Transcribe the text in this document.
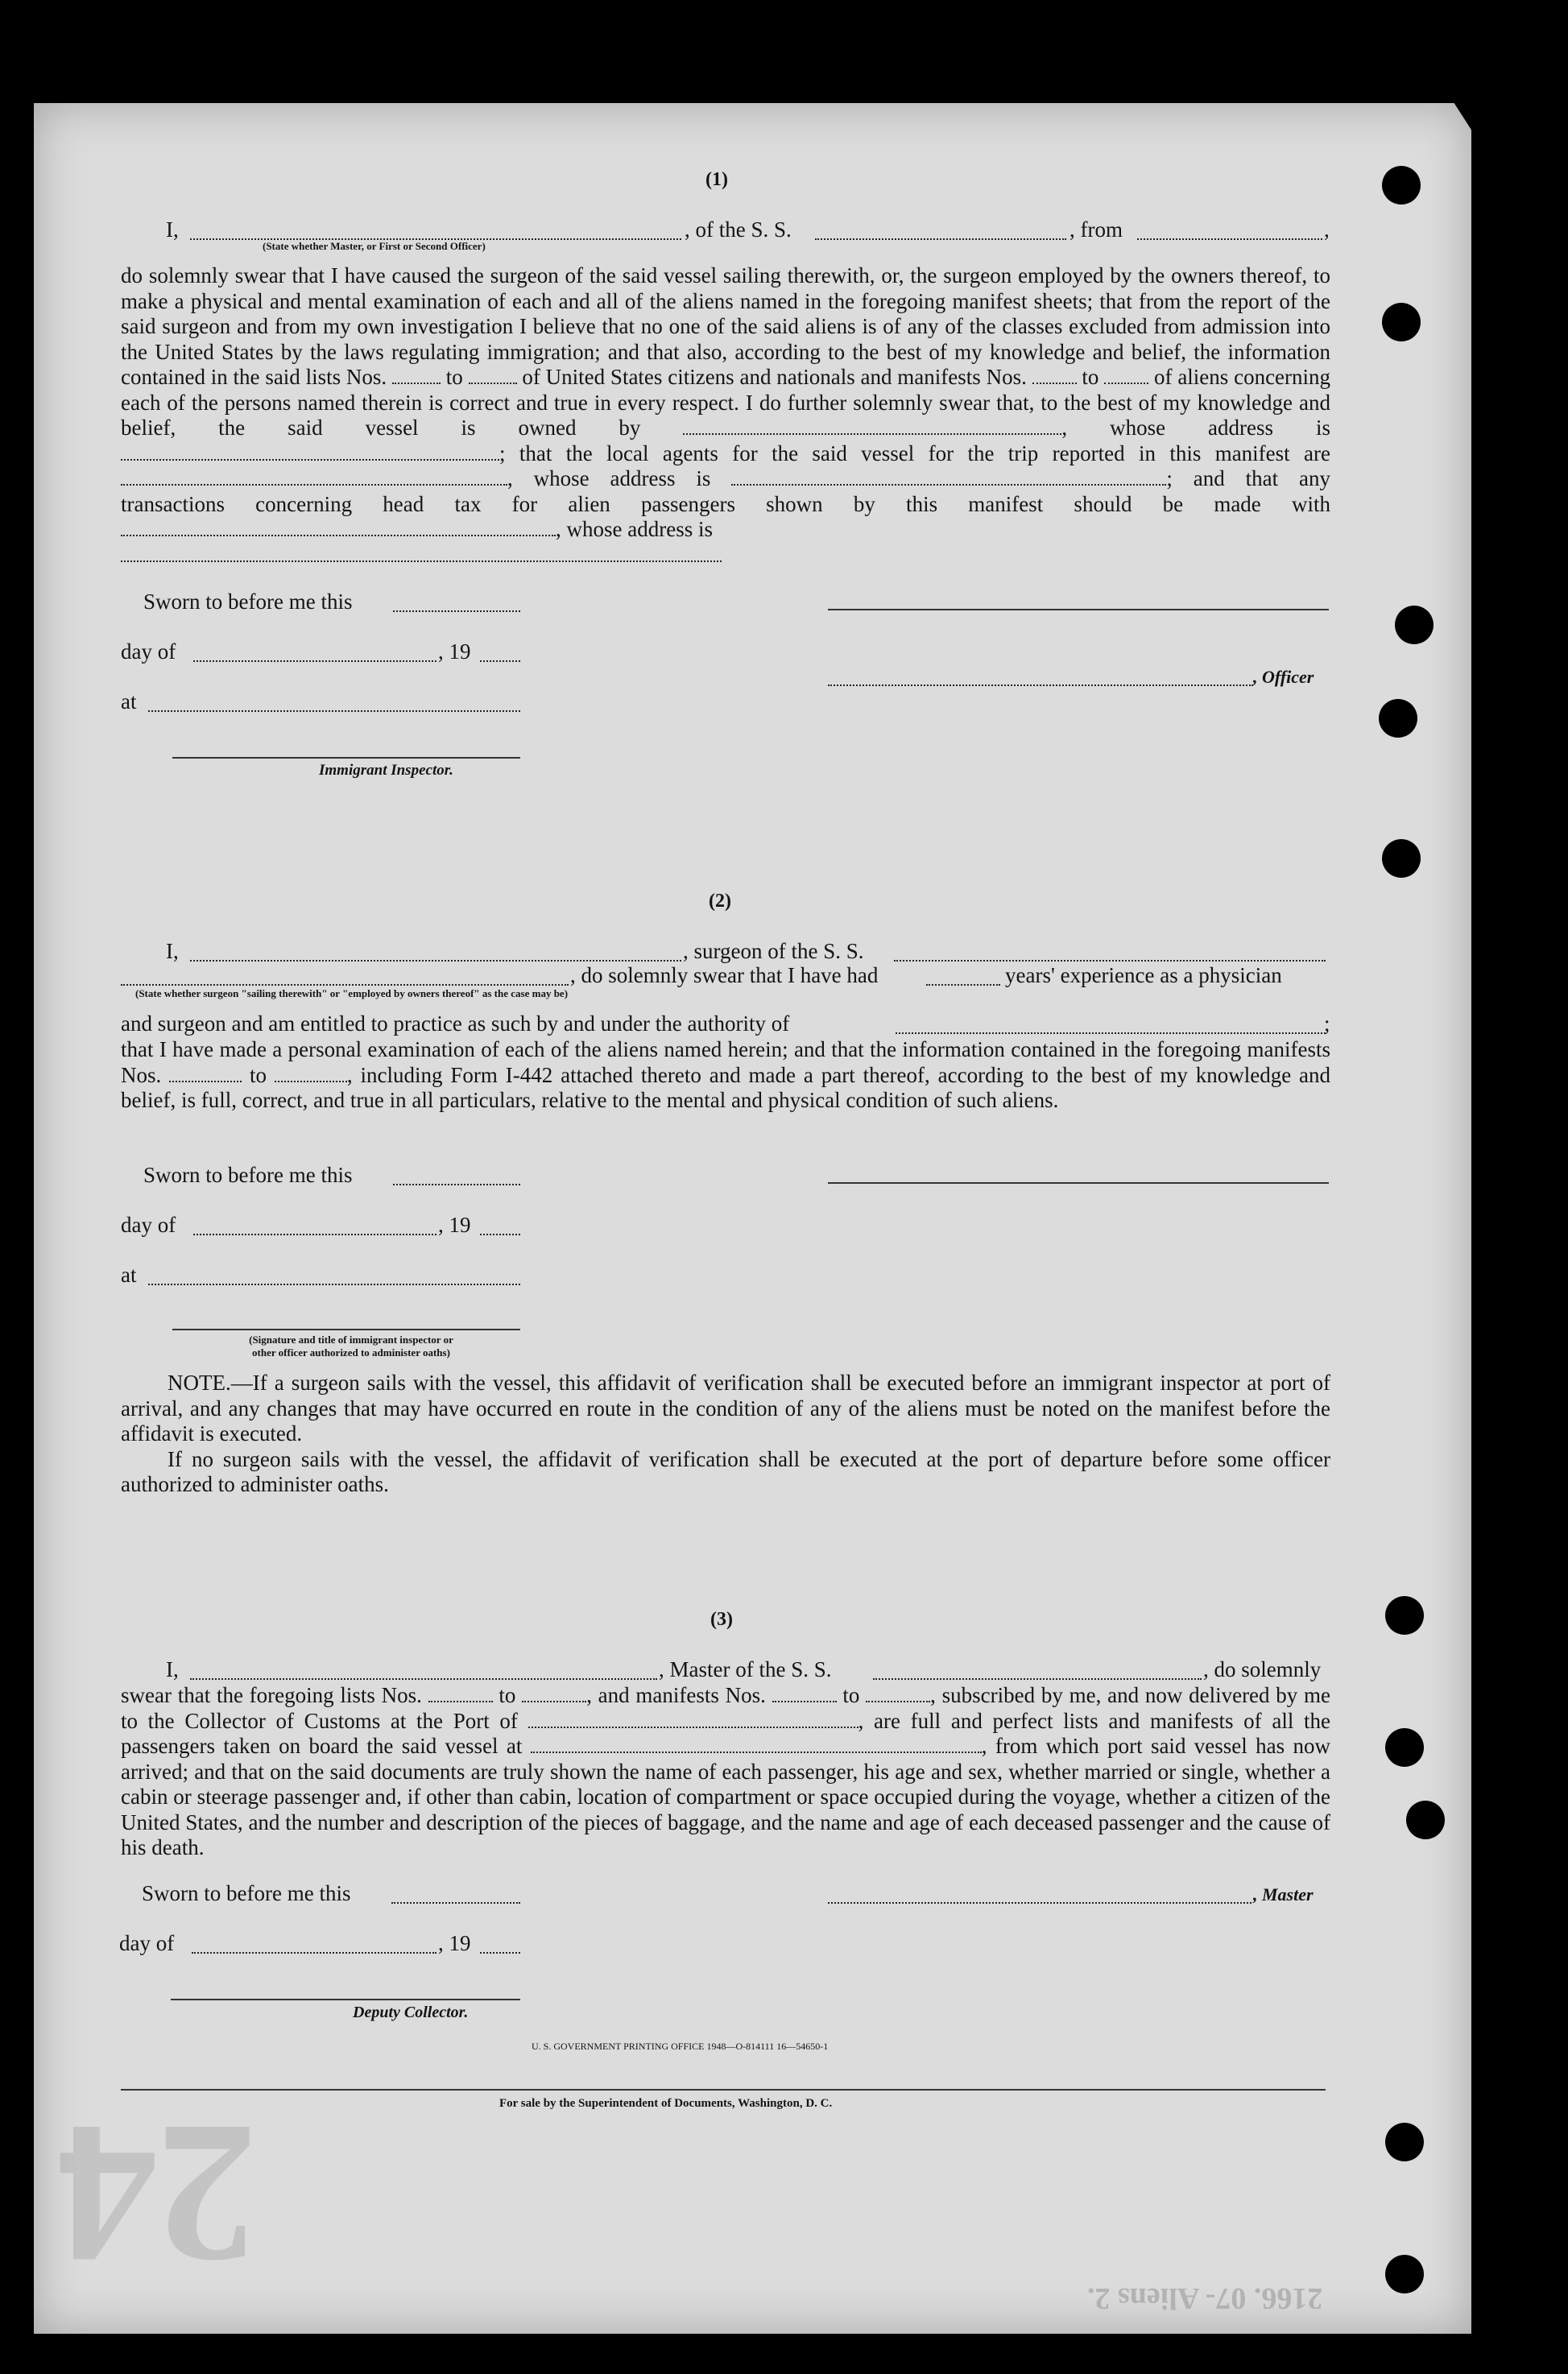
24	2166. 07- Aliens 2.
(1)
I,	, of the S. S.	, from	,
(State whether Master, or First or Second Officer)
do solemnly swear that I have caused the surgeon of the said vessel sailing therewith, or, the surgeon employed by the owners thereof, to make a physical and mental examination of each and all of the aliens named in the foregoing manifest sheets; that from the report of the said surgeon and from my own investigation I believe that no one of the said aliens is of any of the classes excluded from admission into the United States by the laws regulating immigration; and that also, according to the best of my knowledge and belief, the information contained in the said lists Nos.	to	of United States citizens and nationals and manifests Nos.	to	of aliens concerning each of the persons named therein is correct and true in every respect. I do further solemnly swear that, to the best of my knowledge and belief, the said vessel is owned by	, whose address is ; that the local agents for the said vessel for the trip reported in this manifest are , whose address is	; and that any transactions concerning head tax for alien passengers shown by this manifest should be made with , whose address is
Sworn to before me this
day of	, 19
, Officer
at
Immigrant Inspector.
(2)
I,	, surgeon of the S. S.
, do solemnly swear that I have had	years' experience as a physician
(State whether surgeon "sailing therewith" or "employed by owners thereof" as the case may be)
and surgeon and am entitled to practice as such by and under the authority of	;
that I have made a personal examination of each of the aliens named herein; and that the information contained in the foregoing manifests Nos.	to	, including Form I-442 attached thereto and made a part thereof, according to the best of my knowledge and belief, is full, correct, and true in all particulars, relative to the mental and physical condition of such aliens.
Sworn to before me this
day of	, 19
at
(Signature and title of immigrant inspector or
other officer authorized to administer oaths)

NOTE.—If a surgeon sails with the vessel, this affidavit of verification shall be executed before an immigrant inspector at port of arrival, and any changes that may have occurred en route in the condition of any of the aliens must be noted on the manifest before the affidavit is executed.

If no surgeon sails with the vessel, the affidavit of verification shall be executed at the port of departure before some officer authorized to administer oaths.

(3)
I,	, Master of the S. S.	, do solemnly
swear that the foregoing lists Nos.	to	, and manifests Nos.	to	, subscribed by me, and now delivered by me to the Collector of Customs at the Port of	, are full and perfect lists and manifests of all the passengers taken on board the said vessel at	, from which port said vessel has now arrived; and that on the said documents are truly shown the name of each passenger, his age and sex, whether married or single, whether a cabin or steerage passenger and, if other than cabin, location of compartment or space occupied during the voyage, whether a citizen of the United States, and the number and description of the pieces of baggage, and the name and age of each deceased passenger and the cause of his death.
Sworn to before me this	, Master
day of	, 19
Deputy Collector.
U. S. GOVERNMENT PRINTING OFFICE 1948—O-814111 16—54650-1
For sale by the Superintendent of Documents, Washington, D. C.
